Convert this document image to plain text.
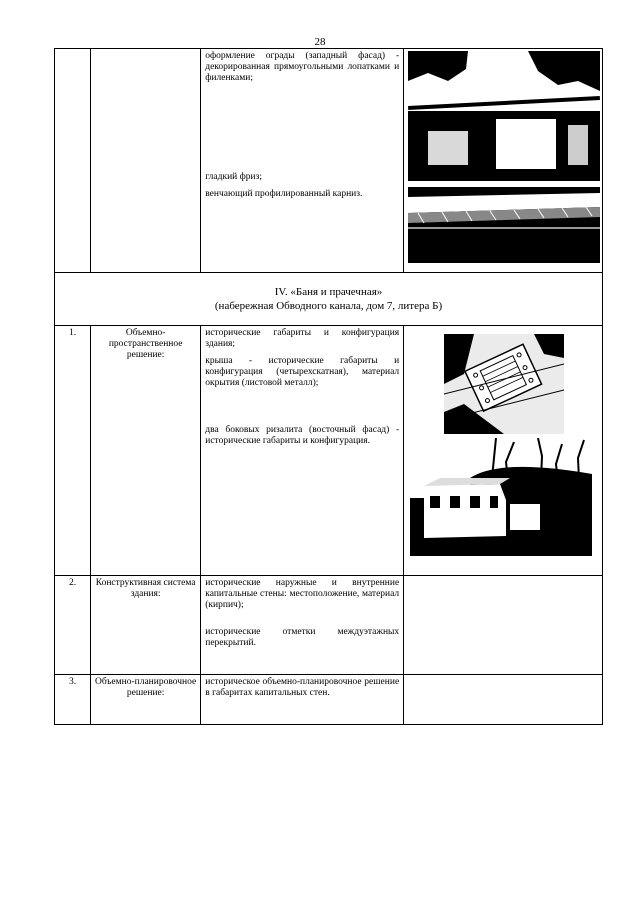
28

		оформление ограды (западный фасад) - декорированная прямоугольными лопатками и филенками;

гладкий фриз;

венчающий профилированный карниз.

IV. «Баня и прачечная»
(набережная Обводного канала, дом 7, литера Б)			

1.	Объемно-пространственное решение:	исторические габариты и конфигурация здания;

крыша - исторические габариты и конфигурация (четырехскатная), материал окрытия (листовой металл);

два боковых ризалита (восточный фасад) - исторические габариты и конфигурация.

2.	Конструктивная система здания:	исторические наружные и внутренние капитальные стены: местоположение, материал (кирпич);

исторические отметки междуэтажных перекрытий.	

3.	Объемно-планировочное решение:	историческое объемно-планировочное решение в габаритах капитальных стен.	
